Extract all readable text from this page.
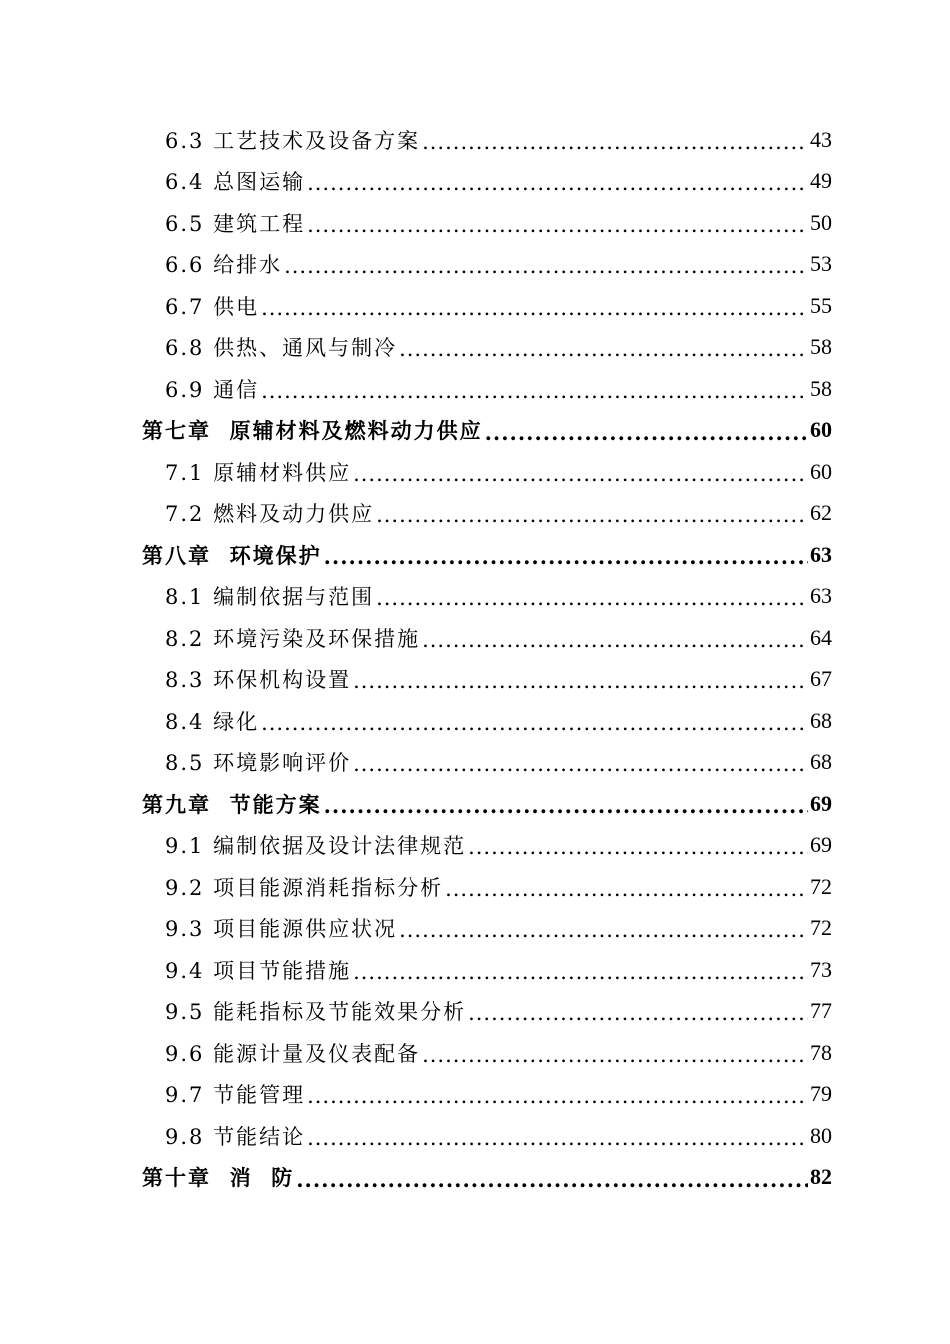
6.3 工艺技术及设备方案 .....	43
6.4 总图运输 .....	49
6.5 建筑工程 .....	50
6.6 给排水 .....	53
6.7 供电 .....	55
6.8 供热、通风与制冷 .....	58
6.9 通信 .....	58
第七章  原辅材料及燃料动力供应 .....	60
7.1 原辅材料供应 .....	60
7.2 燃料及动力供应 .....	62
第八章  环境保护 .....	63
8.1 编制依据与范围 .....	63
8.2 环境污染及环保措施 .....	64
8.3 环保机构设置 .....	67
8.4 绿化 .....	68
8.5 环境影响评价 .....	68
第九章  节能方案 .....	69
9.1 编制依据及设计法律规范 .....	69
9.2 项目能源消耗指标分析 .....	72
9.3 项目能源供应状况 .....	72
9.4 项目节能措施 .....	73
9.5 能耗指标及节能效果分析 .....	77
9.6 能源计量及仪表配备 .....	78
9.7 节能管理 .....	79
9.8 节能结论 .....	80
第十章  消  防 .....	82
